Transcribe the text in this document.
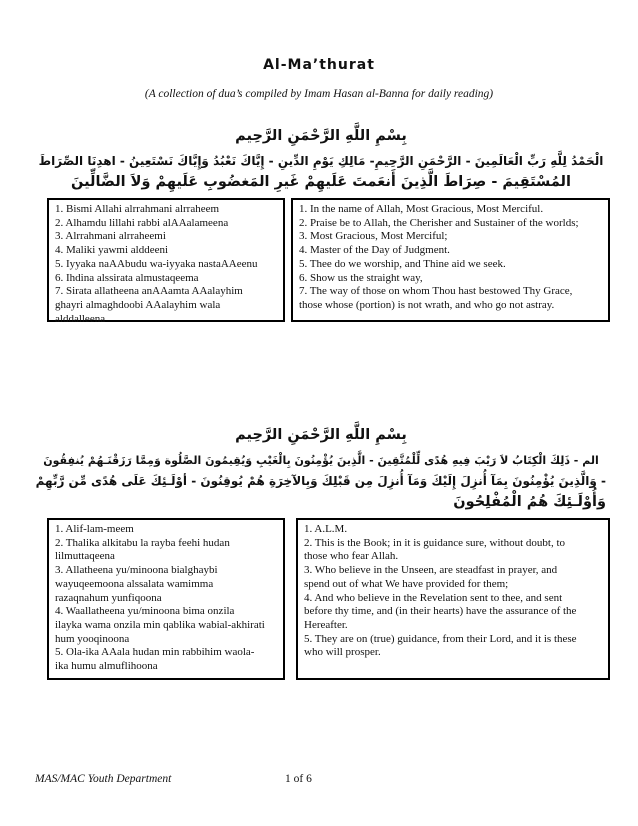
Al-Ma’thurat
(A collection of dua’s compiled by Imam Hasan al-Banna for daily reading)
بِسْمِ اللَّهِ الرَّحْمَنِ الرَّحِيم
الْحَمْدُ لِلَّهِ رَبِّ الْعَالَمِينَ - الرَّحْمَنِ الرَّحِيمِ- مَالِكِ يَوْمِ الدِّينِ - إِيَّاكَ نَعْبُدُ وَإِيَّاكَ نَسْتَعِينُ - اهدِنَا الصِّرَاطَ
المُسْتَقِيمَ - صِرَاطَ الَّذِينَ أَنعَمتَ عَلَيهِمْ غَيرِ المَغضُوبِ عَلَيهِمْ وَلاَ الضَّالِّينَ
1. Bismi Allahi alrrahmani alrraheem
2. Alhamdu lillahi rabbi alAAalameena
3. Alrrahmani alrraheemi
4. Maliki yawmi alddeeni
5. Iyyaka naAAbudu wa-iyyaka nastaAAeenu
6. Ihdina alssirata almustaqeema
7. Sirata allatheena anAAamta AAalayhim
ghayri almaghdoobi AAalayhim wala
alddalleena
1. In the name of Allah, Most Gracious, Most Merciful.
2. Praise be to Allah, the Cherisher and Sustainer of the worlds;
3. Most Gracious, Most Merciful;
4. Master of the Day of Judgment.
5. Thee do we worship, and Thine aid we seek.
6. Show us the straight way,
7. The way of those on whom Thou hast bestowed Thy Grace,
those whose (portion) is not wrath, and who go not astray.
بِسْمِ اللَّهِ الرَّحْمَنِ الرَّحِيم
الم - ذَلِكَ الْكِتَابُ لاَ رَيْبَ فِيهِ هُدًى لِّلْمُتَّقِينَ - الَّذِينَ يُؤْمِنُونَ بِالْغَيْبِ وَيُقِيمُونَ الصَّلُوة وَمِمَّا رَزَقْنَـهُمْ يُنفِقُونَ
- وَالَّذِينَ يُؤْمِنُونَ بِمَآ أُنزِلَ إِلَيْكَ وَمَآ أُنزِلَ مِن قَبْلِكَ وَبِالآخِرَةِ هُمْ يُوقِنُونَ - أوْلَـئِكَ عَلَى هُدًى مِّن رَّبِّهِمْ
وَأُوْلَـئِكَ هُمُ الْمُفْلِحُونَ
1. Alif-lam-meem
2. Thalika alkitabu la rayba feehi hudan
lilmuttaqeena
3. Allatheena yu/minoona bialghaybi
wayuqeemoona alssalata wamimma
razaqnahum yunfiqoona
4. Waallatheena yu/minoona bima onzila
ilayka wama onzila min qablika wabial-akhirati
hum yooqinoona
5. Ola-ika AAala hudan min rabbihim waola-
ika humu almuflihoona
1. A.L.M.
2. This is the Book; in it is guidance sure, without doubt, to
those who fear Allah.
3. Who believe in the Unseen, are steadfast in prayer, and
spend out of what We have provided for them;
4. And who believe in the Revelation sent to thee, and sent
before thy time, and (in their hearts) have the assurance of the
Hereafter.
5. They are on (true) guidance, from their Lord, and it is these
who will prosper.
MAS/MAC Youth Department	1 of 6
